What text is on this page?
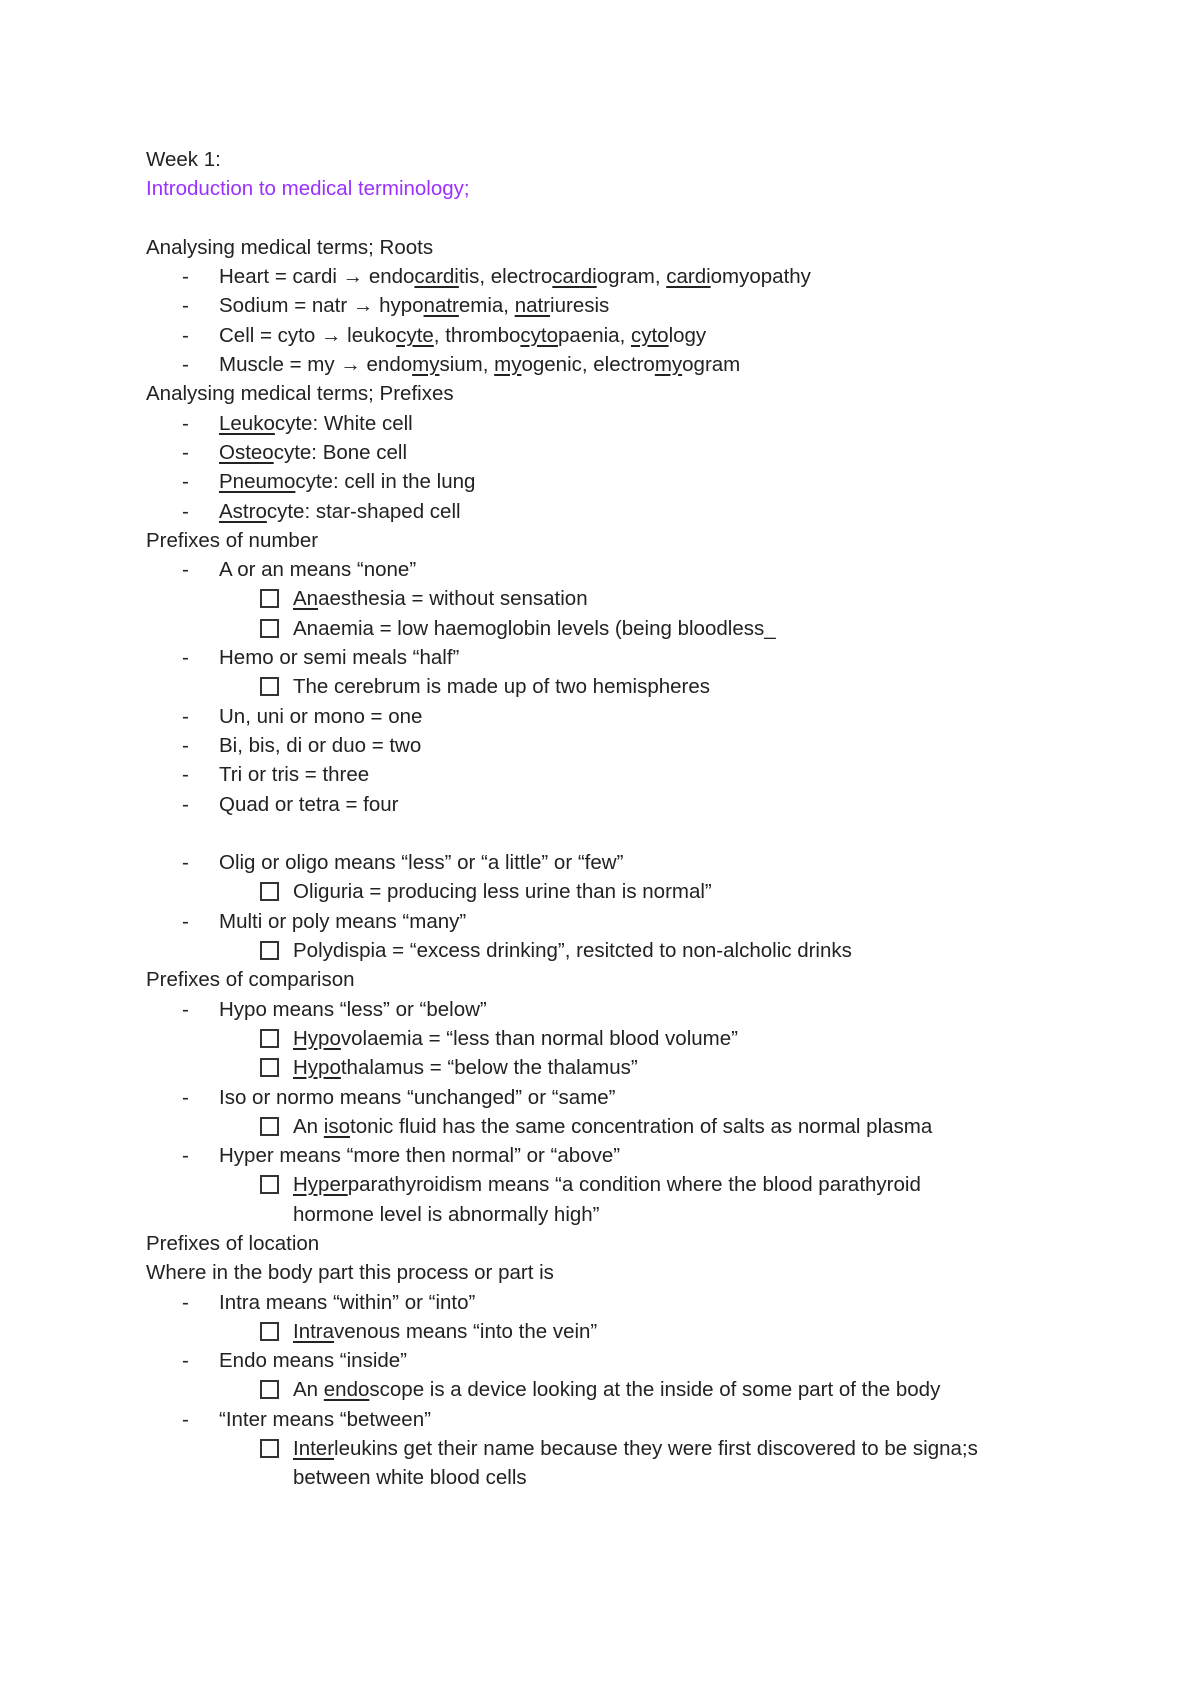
Week 1:
Introduction to medical terminology;
Analysing medical terms; Roots
- Heart = cardi → endocarditis, electrocardiogram, cardiomyopathy
- Sodium = natr → hyponatremia, natriuresis
- Cell = cyto → leukocyte, thrombocytopaenia, cytology
- Muscle = my → endomysium, myogenic, electromyogram
Analysing medical terms; Prefixes
- Leukocyte: White cell
- Osteocyte: Bone cell
- Pneumocyte: cell in the lung
- Astrocyte: star-shaped cell
Prefixes of number
- A or an means “none”
Anaesthesia = without sensation
Anaemia = low haemoglobin levels (being bloodless_
- Hemo or semi meals “half”
The cerebrum is made up of two hemispheres
- Un, uni or mono = one
- Bi, bis, di or duo = two
- Tri or tris = three
- Quad or tetra = four
- Olig or oligo means “less” or “a little” or “few”
Oliguria = producing less urine than is normal”
- Multi or poly means “many”
Polydispia = “excess drinking”, resitcted to non-alcholic drinks
Prefixes of comparison
- Hypo means “less” or “below”
Hypovolaemia = “less than normal blood volume”
Hypothalamus = “below the thalamus”
- Iso or normo means “unchanged” or “same”
An isotonic fluid has the same concentration of salts as normal plasma
- Hyper means “more then normal” or “above”
Hyperparathyroidism means “a condition where the blood parathyroid
hormone level is abnormally high”
Prefixes of location
Where in the body part this process or part is
- Intra means “within” or “into”
Intravenous means “into the vein”
- Endo means “inside”
An endoscope is a device looking at the inside of some part of the body
- “Inter means “between”
Interleukins get their name because they were first discovered to be signa;s
between white blood cells
